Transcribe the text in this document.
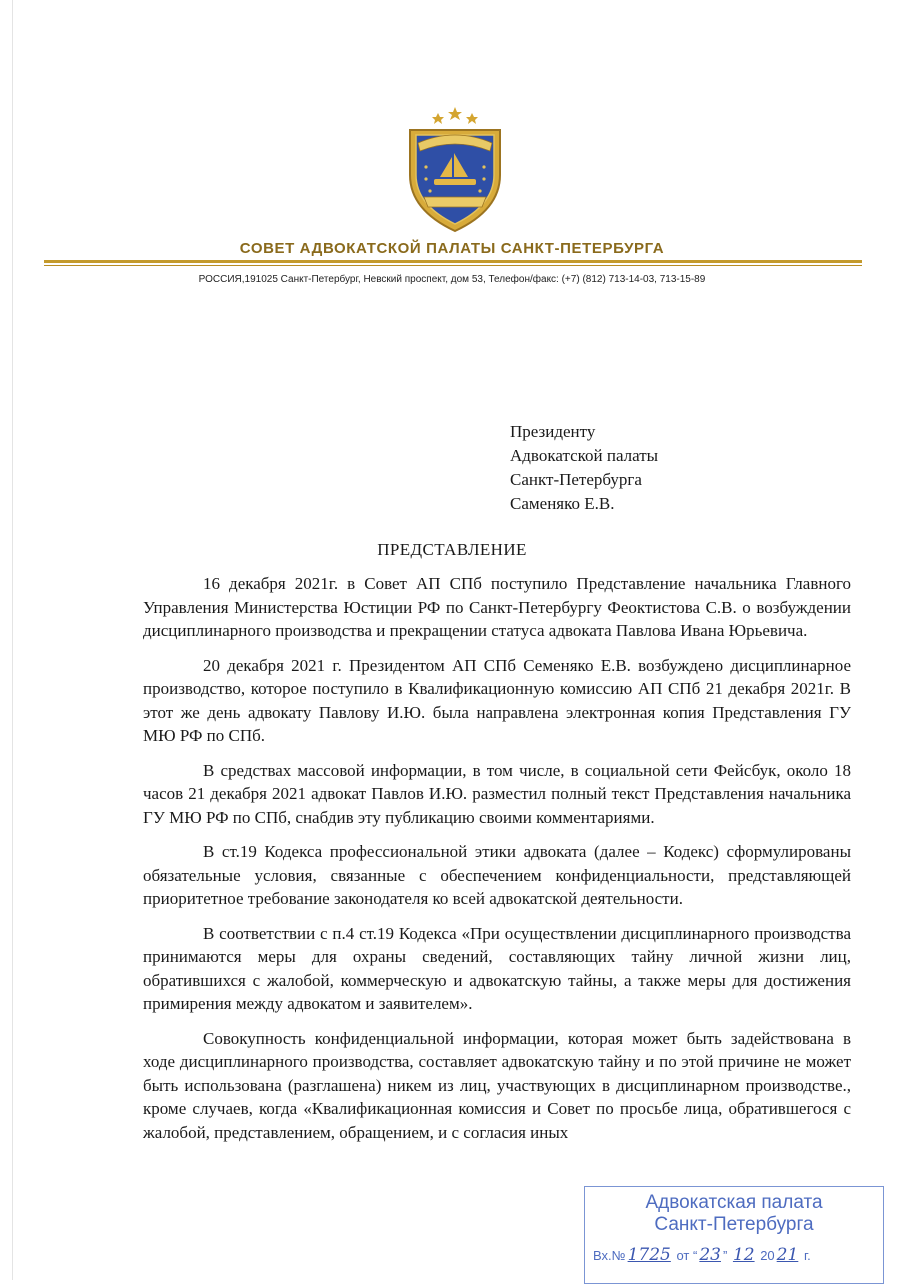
СОВЕТ АДВОКАТСКОЙ ПАЛАТЫ САНКТ-ПЕТЕРБУРГА
РОССИЯ,191025 Санкт-Петербург, Невский проспект, дом 53, Телефон/факс: (+7) (812) 713-14-03, 713-15-89
Президенту
Адвокатской палаты
Санкт-Петербурга
Саменяко Е.В.
ПРЕДСТАВЛЕНИЕ

16 декабря 2021г. в Совет АП СПб поступило Представление начальника Главного Управления Министерства Юстиции РФ по Санкт-Петербургу Феоктистова С.В. о возбуждении дисциплинарного производства и прекращении статуса адвоката Павлова Ивана Юрьевича.

20 декабря 2021 г. Президентом АП СПб Семеняко Е.В. возбуждено дисциплинарное производство, которое поступило в Квалификационную комиссию АП СПб 21 декабря 2021г. В этот же день адвокату Павлову И.Ю. была направлена электронная копия Представления ГУ МЮ РФ по СПб.

В средствах массовой информации, в том числе, в социальной сети Фейсбук, около 18 часов 21 декабря 2021 адвокат Павлов И.Ю. разместил полный текст Представления начальника ГУ МЮ РФ по СПб, снабдив эту публикацию своими комментариями.

В ст.19 Кодекса профессиональной этики адвоката (далее – Кодекс) сформулированы обязательные условия, связанные с обеспечением конфиденциальности, представляющей приоритетное требование законодателя ко всей адвокатской деятельности.

В соответствии с п.4 ст.19 Кодекса «При осуществлении дисциплинарного производства принимаются меры для охраны сведений, составляющих тайну личной жизни лиц, обратившихся с жалобой, коммерческую и адвокатскую тайны, а также меры для достижения примирения между адвокатом и заявителем».

Совокупность конфиденциальной информации, которая может быть задействована в ходе дисциплинарного производства, составляет адвокатскую тайну и по этой причине не может быть использована (разглашена) никем из лиц, участвующих в дисциплинарном производстве., кроме случаев, когда «Квалификационная комиссия и Совет по просьбе лица, обратившегося с жалобой, представлением, обращением, и с согласия иных

Адвокатская палата
Санкт-Петербурга
Вх.№ 1725 от “ 23 ” 12 20 21 г.
